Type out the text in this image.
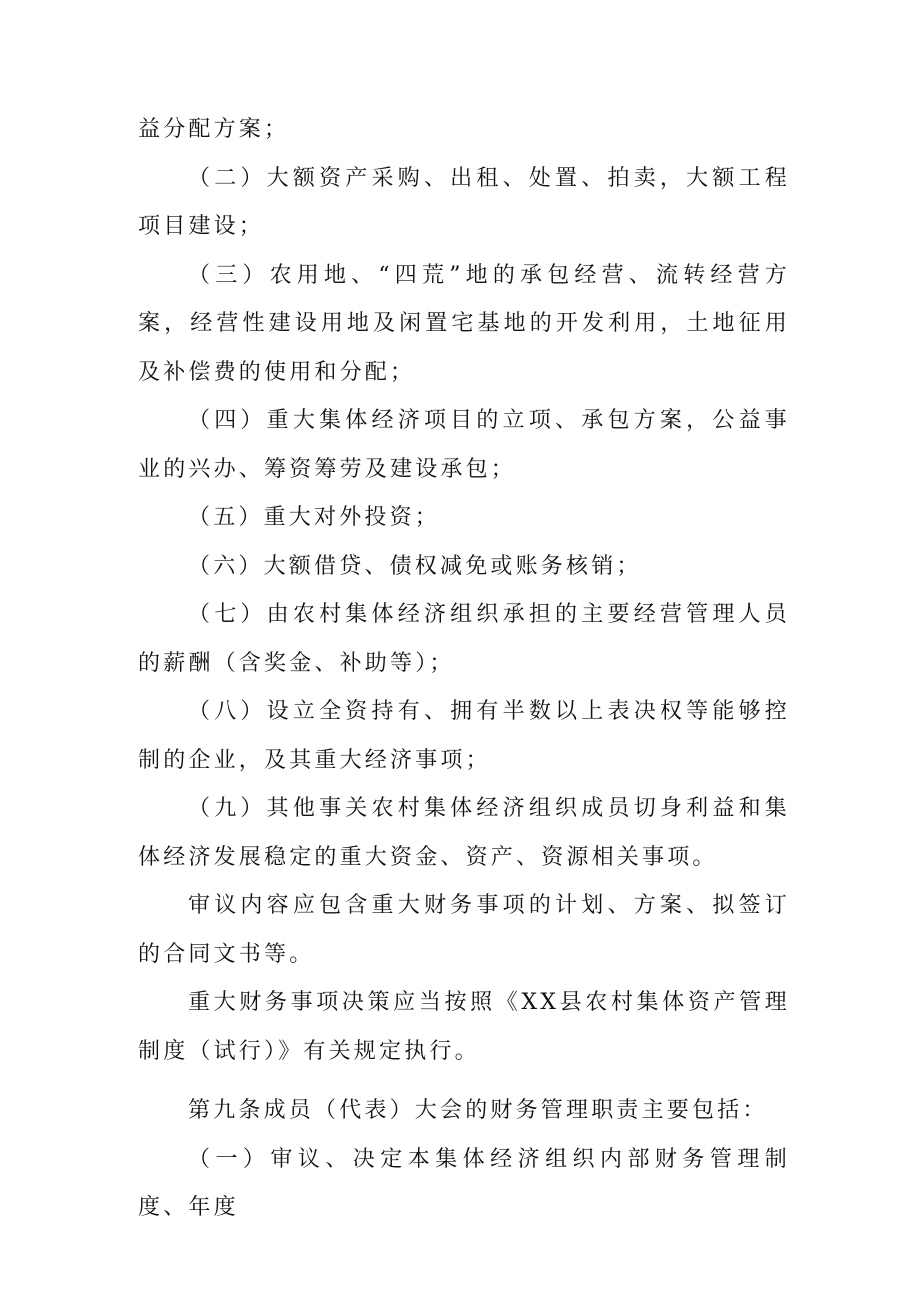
益分配方案；

（二）大额资产采购、出租、处置、拍卖，大额工程项目建设；

（三）农用地、“四荒”地的承包经营、流转经营方案，经营性建设用地及闲置宅基地的开发利用，土地征用及补偿费的使用和分配；

（四）重大集体经济项目的立项、承包方案，公益事业的兴办、筹资筹劳及建设承包；

（五）重大对外投资；

（六）大额借贷、债权减免或账务核销；

（七）由农村集体经济组织承担的主要经营管理人员的薪酬（含奖金、补助等）；

（八）设立全资持有、拥有半数以上表决权等能够控制的企业，及其重大经济事项；

（九）其他事关农村集体经济组织成员切身利益和集体经济发展稳定的重大资金、资产、资源相关事项。

审议内容应包含重大财务事项的计划、方案、拟签订的合同文书等。

重大财务事项决策应当按照《XX县农村集体资产管理制度（试行）》有关规定执行。

第九条成员（代表）大会的财务管理职责主要包括：

（一）审议、决定本集体经济组织内部财务管理制度、年度
